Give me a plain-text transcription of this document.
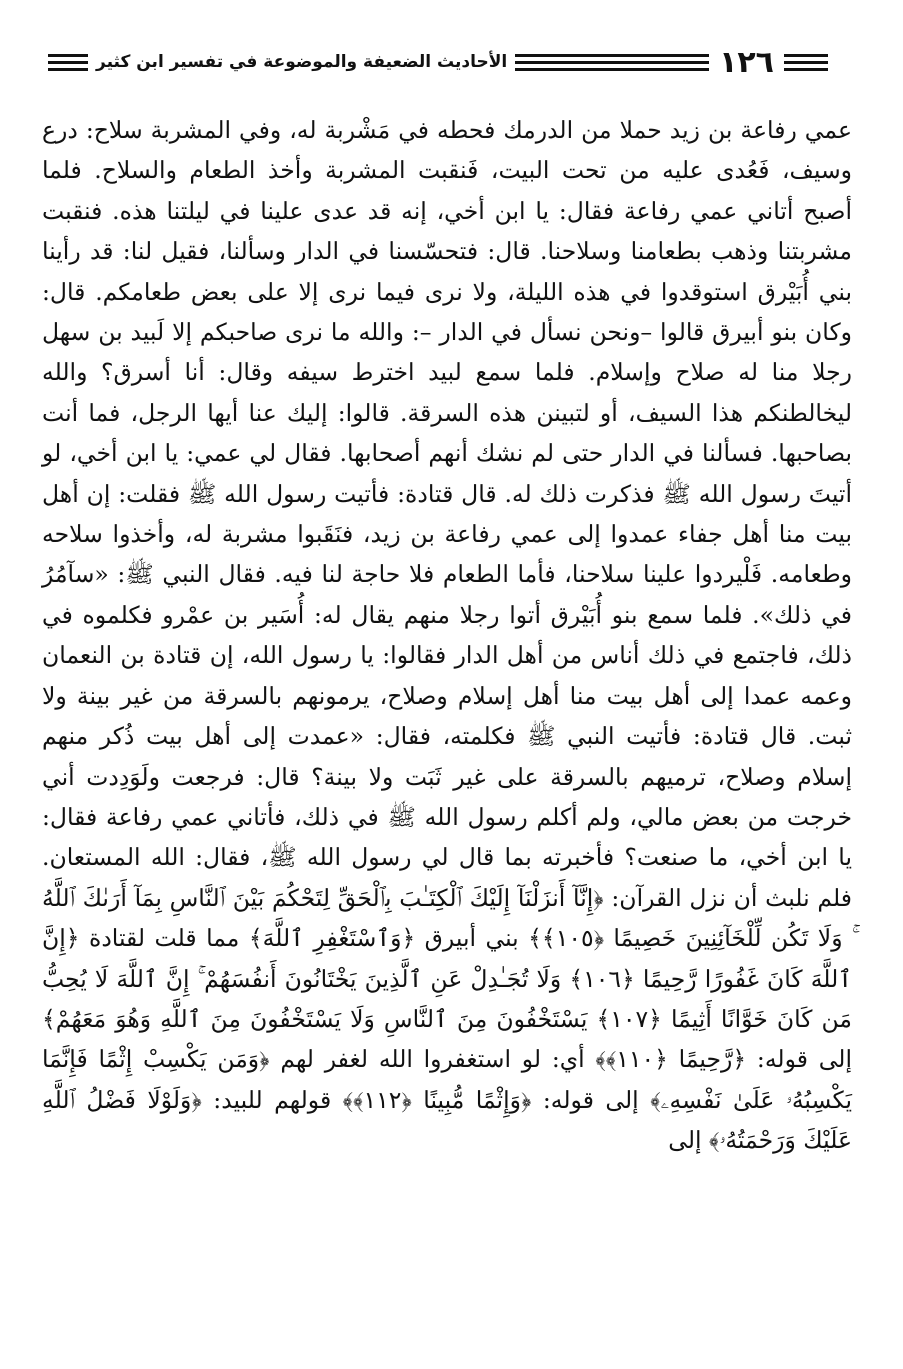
١٢٦
الأحاديث الضعيفة والموضوعة في تفسير ابن كثير

عمي رفاعة بن زيد حملا من الدرمك فحطه في مَشْربة له، وفي المشربة سلاح: درع وسيف، فَعُدى عليه من تحت البيت، فَنقبت المشربة وأخذ الطعام والسلاح. فلما أصبح أتاني عمي رفاعة فقال: يا ابن أخي، إنه قد عدى علينا في ليلتنا هذه. فنقبت مشربتنا وذهب بطعامنا وسلاحنا. قال: فتحسّسنا في الدار وسألنا، فقيل لنا: قد رأينا بني أُبَيْرق استوقدوا في هذه الليلة، ولا نرى فيما نرى إلا على بعض طعامكم. قال: وكان بنو أبيرق قالوا –ونحن نسأل في الدار –: والله ما نرى صاحبكم إلا لَبيد بن سهل رجلا منا له صلاح وإسلام. فلما سمع لبيد اخترط سيفه وقال: أنا أسرق؟ والله ليخالطنكم هذا السيف، أو لتبينن هذه السرقة. قالوا: إليك عنا أيها الرجل، فما أنت بصاحبها. فسألنا في الدار حتى لم نشك أنهم أصحابها. فقال لي عمي: يا ابن أخي، لو أتيتَ رسول الله ﷺ فذكرت ذلك له. قال قتادة: فأتيت رسول الله ﷺ فقلت: إن أهل بيت منا أهل جفاء عمدوا إلى عمي رفاعة بن زيد، فنَقَبوا مشربة له، وأخذوا سلاحه وطعامه. فَلْيردوا علينا سلاحنا، فأما الطعام فلا حاجة لنا فيه. فقال النبي ﷺ: «سآمُرُ في ذلك». فلما سمع بنو أُبَيْرق أتوا رجلا منهم يقال له: أُسَير بن عمْرو فكلموه في ذلك، فاجتمع في ذلك أناس من أهل الدار فقالوا: يا رسول الله، إن قتادة بن النعمان وعمه عمدا إلى أهل بيت منا أهل إسلام وصلاح، يرمونهم بالسرقة من غير بينة ولا ثبت. قال قتادة: فأتيت النبي ﷺ فكلمته، فقال: «عمدت إلى أهل بيت ذُكر منهم إسلام وصلاح، ترميهم بالسرقة على غير ثَبَت ولا بينة؟ قال: فرجعت ولَوَدِدت أني خرجت من بعض مالي، ولم أكلم رسول الله ﷺ في ذلك، فأتاني عمي رفاعة فقال: يا ابن أخي، ما صنعت؟ فأخبرته بما قال لي رسول الله ﷺ، فقال: الله المستعان. فلم نلبث أن نزل القرآن: ﴿إِنَّآ أَنزَلْنَآ إِلَيْكَ ٱلْكِتَـٰبَ بِٱلْحَقِّ لِتَحْكُمَ بَيْنَ ٱلنَّاسِ بِمَآ أَرَىٰكَ ٱللَّهُ ۚ وَلَا تَكُن لِّلْخَآئِنِينَ خَصِيمًا ﴿١٠٥﴾﴾ بني أبيرق ﴿وَٱسْتَغْفِرِ ٱللَّهَ﴾ مما قلت لقتادة ﴿إِنَّ ٱللَّهَ كَانَ غَفُورًا رَّحِيمًا ﴿١٠٦﴾ وَلَا تُجَـٰدِلْ عَنِ ٱلَّذِينَ يَخْتَانُونَ أَنفُسَهُمْ ۚ إِنَّ ٱللَّهَ لَا يُحِبُّ مَن كَانَ خَوَّانًا أَثِيمًا ﴿١٠٧﴾ يَسْتَخْفُونَ مِنَ ٱلنَّاسِ وَلَا يَسْتَخْفُونَ مِنَ ٱللَّهِ وَهُوَ مَعَهُمْ﴾ إلى قوله: ﴿رَّحِيمًا ﴿١١٠﴾﴾ أي: لو استغفروا الله لغفر لهم ﴿وَمَن يَكْسِبْ إِثْمًا فَإِنَّمَا يَكْسِبُهُۥ عَلَىٰ نَفْسِهِۦ﴾ إلى قوله: ﴿وَإِثْمًا مُّبِينًا ﴿١١٢﴾﴾ قولهم للبيد: ﴿وَلَوْلَا فَضْلُ ٱللَّهِ عَلَيْكَ وَرَحْمَتُهُۥ﴾ إلى
